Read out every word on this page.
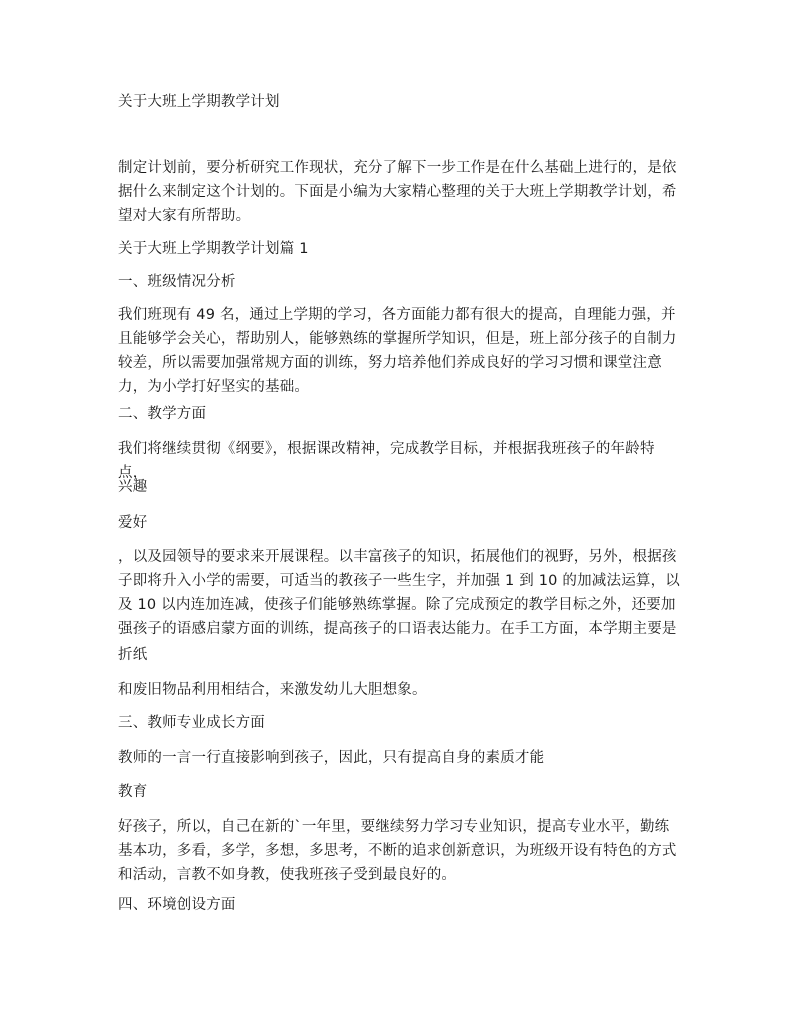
关于大班上学期教学计划
制定计划前，要分析研究工作现状，充分了解下一步工作是在什么基础上进行的，是依据什么来制定这个计划的。下面是小编为大家精心整理的关于大班上学期教学计划，希望对大家有所帮助。
关于大班上学期教学计划篇 1
一、班级情况分析
我们班现有 49 名，通过上学期的学习，各方面能力都有很大的提高，自理能力强，并且能够学会关心，帮助别人，能够熟练的掌握所学知识，但是，班上部分孩子的自制力较差，所以需要加强常规方面的训练，努力培养他们养成良好的学习习惯和课堂注意力，为小学打好坚实的基础。
二、教学方面
我们将继续贯彻《纲要》，根据课改精神，完成教学目标，并根据我班孩子的年龄特点，
兴趣
爱好
，以及园领导的要求来开展课程。以丰富孩子的知识，拓展他们的视野，另外，根据孩子即将升入小学的需要，可适当的教孩子一些生字，并加强 1 到 10 的加减法运算，以及 10 以内连加连减，使孩子们能够熟练掌握。除了完成预定的教学目标之外，还要加强孩子的语感启蒙方面的训练，提高孩子的口语表达能力。在手工方面，本学期主要是
折纸
和废旧物品利用相结合，来激发幼儿大胆想象。
三、教师专业成长方面
教师的一言一行直接影响到孩子，因此，只有提高自身的素质才能
教育
好孩子，所以，自己在新的`一年里，要继续努力学习专业知识，提高专业水平，勤练基本功，多看，多学，多想，多思考，不断的追求创新意识，为班级开设有特色的方式和活动，言教不如身教，使我班孩子受到最良好的。
四、环境创设方面
